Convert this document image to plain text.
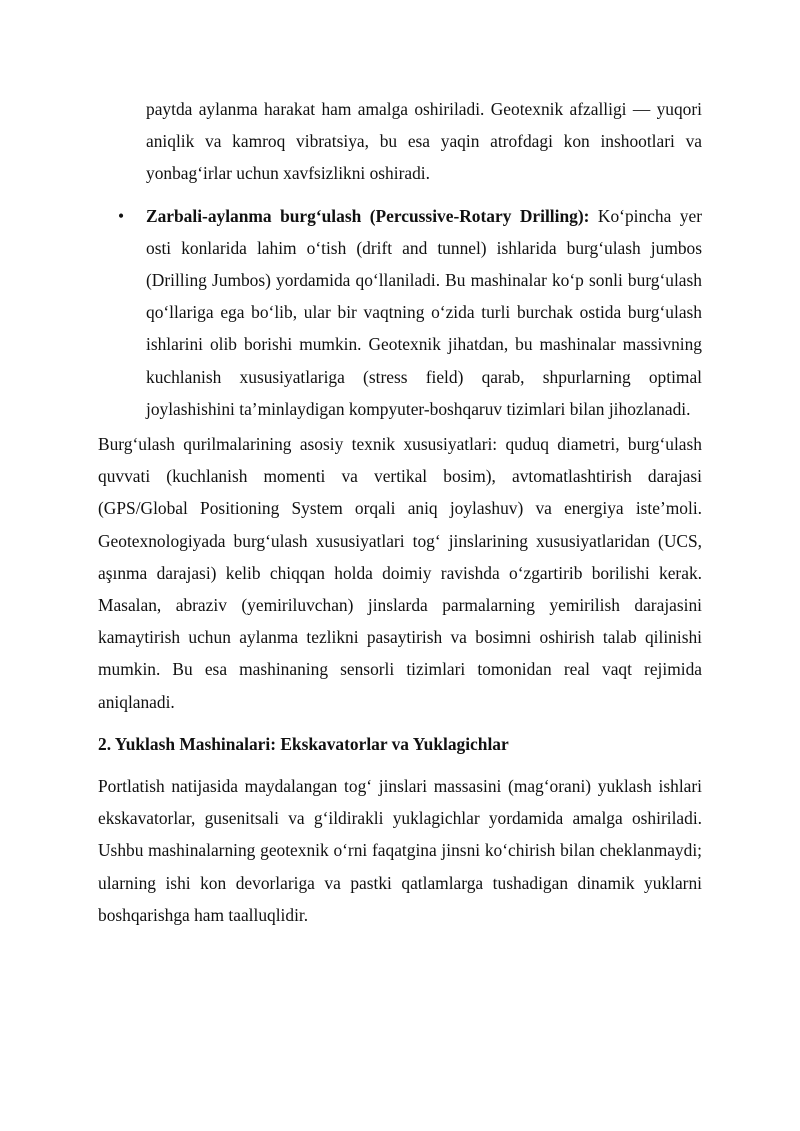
paytda aylanma harakat ham amalga oshiriladi. Geotexnik afzalligi — yuqori aniqlik va kamroq vibratsiya, bu esa yaqin atrofdagi kon inshootlari va yonbag‘irlar uchun xavfsizlikni oshiradi.

• Zarbali-aylanma burg‘ulash (Percussive-Rotary Drilling): Ko‘pincha yer osti konlarida lahim o‘tish (drift and tunnel) ishlarida burg‘ulash jumbos (Drilling Jumbos) yordamida qo‘llaniladi. Bu mashinalar ko‘p sonli burg‘ulash qo‘llariga ega bo‘lib, ular bir vaqtning o‘zida turli burchak ostida burg‘ulash ishlarini olib borishi mumkin. Geotexnik jihatdan, bu mashinalar massivning kuchlanish xususiyatlariga (stress field) qarab, shpurlarning optimal joylashishini ta’minlaydigan kompyuter-boshqaruv tizimlari bilan jihozlanadi.

Burg‘ulash qurilmalarining asosiy texnik xususiyatlari: quduq diametri, burg‘ulash quvvati (kuchlanish momenti va vertikal bosim), avtomatlashtirish darajasi (GPS/Global Positioning System orqali aniq joylashuv) va energiya iste’moli. Geotexnologiyada burg‘ulash xususiyatlari tog‘ jinslarining xususiyatlaridan (UCS, aşınma darajasi) kelib chiqqan holda doimiy ravishda o‘zgartirib borilishi kerak. Masalan, abraziv (yemiriluvchan) jinslarda parmalarning yemirilish darajasini kamaytirish uchun aylanma tezlikni pasaytirish va bosimni oshirish talab qilinishi mumkin. Bu esa mashinaning sensorli tizimlari tomonidan real vaqt rejimida aniqlanadi.

2. Yuklash Mashinalari: Ekskavatorlar va Yuklagichlar

Portlatish natijasida maydalangan tog‘ jinslari massasini (mag‘orani) yuklash ishlari ekskavatorlar, gusenitsali va g‘ildirakli yuklagichlar yordamida amalga oshiriladi. Ushbu mashinalarning geotexnik o‘rni faqatgina jinsni ko‘chirish bilan cheklanmaydi; ularning ishi kon devorlariga va pastki qatlamlarga tushadigan dinamik yuklarni boshqarishga ham taalluqlidir.
